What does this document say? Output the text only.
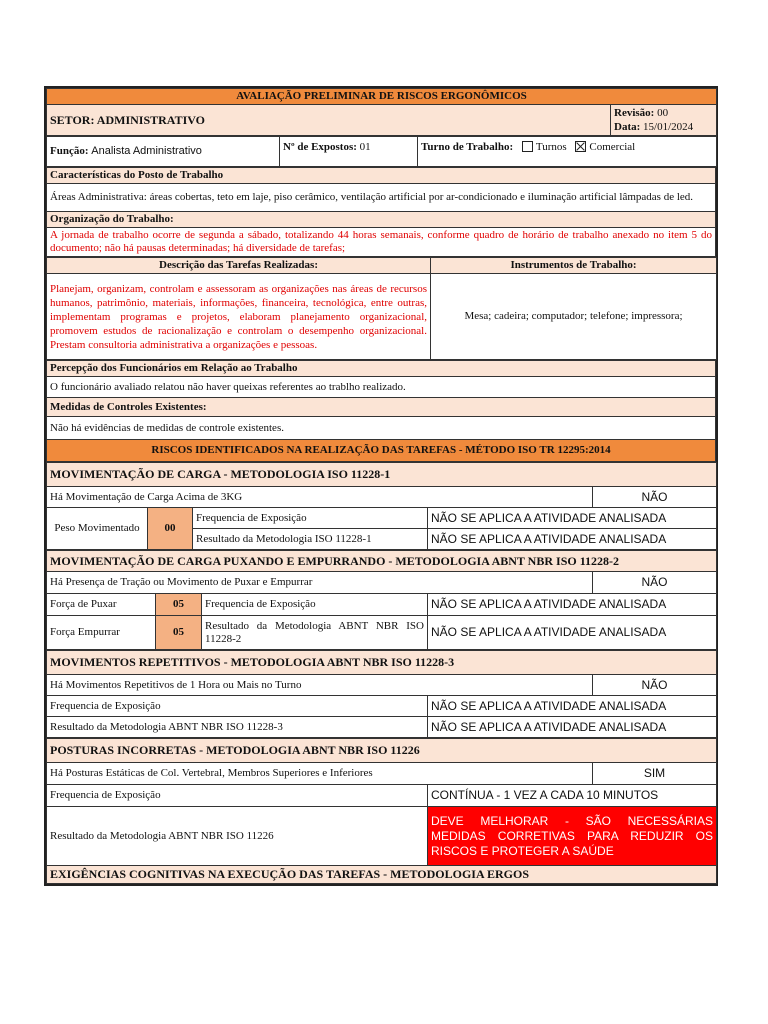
AVALIAÇÃO PRELIMINAR DE RISCOS ERGONÔMICOS
SETOR: ADMINISTRATIVO	Revisão: 00
Data: 15/01/2024
Função: Analista Administrativo	Nº de Expostos: 01	Turno de Trabalho: Turnos Comercial
Características do Posto de Trabalho
Áreas Administrativa: áreas cobertas, teto em laje, piso cerâmico, ventilação artificial por ar-condicionado e iluminação artificial lâmpadas de led.
Organização do Trabalho:
A jornada de trabalho ocorre de segunda a sábado, totalizando 44 horas semanais, conforme quadro de horário de trabalho anexado no item 5 do documento; não há pausas determinadas; há diversidade de tarefas;
Descrição das Tarefas Realizadas:	Instrumentos de Trabalho:
Planejam, organizam, controlam e assessoram as organizações nas áreas de recursos humanos, patrimônio, materiais, informações, financeira, tecnológica, entre outras, implementam programas e projetos, elaboram planejamento organizacional, promovem estudos de racionalização e controlam o desempenho organizacional. Prestam consultoria administrativa a organizações e pessoas.	Mesa; cadeira; computador; telefone; impressora;
Percepção dos Funcionários em Relação ao Trabalho
O funcionário avaliado relatou não haver queixas referentes ao trablho realizado.
Medidas de Controles Existentes:
Não há evidências de medidas de controle existentes.
RISCOS IDENTIFICADOS NA REALIZAÇÃO DAS TAREFAS - MÉTODO ISO TR 12295:2014
MOVIMENTAÇÃO DE CARGA - METODOLOGIA ISO 11228-1				
Há Movimentação de Carga Acima de 3KG				NÃO
Peso Movimentado	00	Frequencia de Exposição	NÃO SE APLICA A ATIVIDADE ANALISADA	
		Resultado da Metodologia ISO 11228-1	NÃO SE APLICA A ATIVIDADE ANALISADA	
MOVIMENTAÇÃO DE CARGA PUXANDO E EMPURRANDO - METODOLOGIA ABNT NBR ISO 11228-2				
Há Presença de Tração ou Movimento de Puxar e Empurrar				NÃO
Força de Puxar	05	Frequencia de Exposição	NÃO SE APLICA A ATIVIDADE ANALISADA	
Força Empurrar	05	Resultado da Metodologia ABNT NBR ISO 11228-2	NÃO SE APLICA A ATIVIDADE ANALISADA	
MOVIMENTOS REPETITIVOS - METODOLOGIA ABNT NBR ISO 11228-3		
Há Movimentos Repetitivos de 1 Hora ou Mais no Turno		NÃO
Frequencia de Exposição	NÃO SE APLICA A ATIVIDADE ANALISADA	
Resultado da Metodologia ABNT NBR ISO 11228-3	NÃO SE APLICA A ATIVIDADE ANALISADA	
POSTURAS INCORRETAS - METODOLOGIA ABNT NBR ISO 11226		
Há Posturas Estáticas de Col. Vertebral, Membros Superiores e Inferiores		SIM
Frequencia de Exposição	CONTÍNUA - 1 VEZ A CADA 10 MINUTOS	
Resultado da Metodologia ABNT NBR ISO 11226	DEVE MELHORAR - SÃO NECESSÁRIAS MEDIDAS CORRETIVAS PARA REDUZIR OS RISCOS E PROTEGER A SAÚDE	
EXIGÊNCIAS COGNITIVAS NA EXECUÇÃO DAS TAREFAS - METODOLOGIA ERGOS		
